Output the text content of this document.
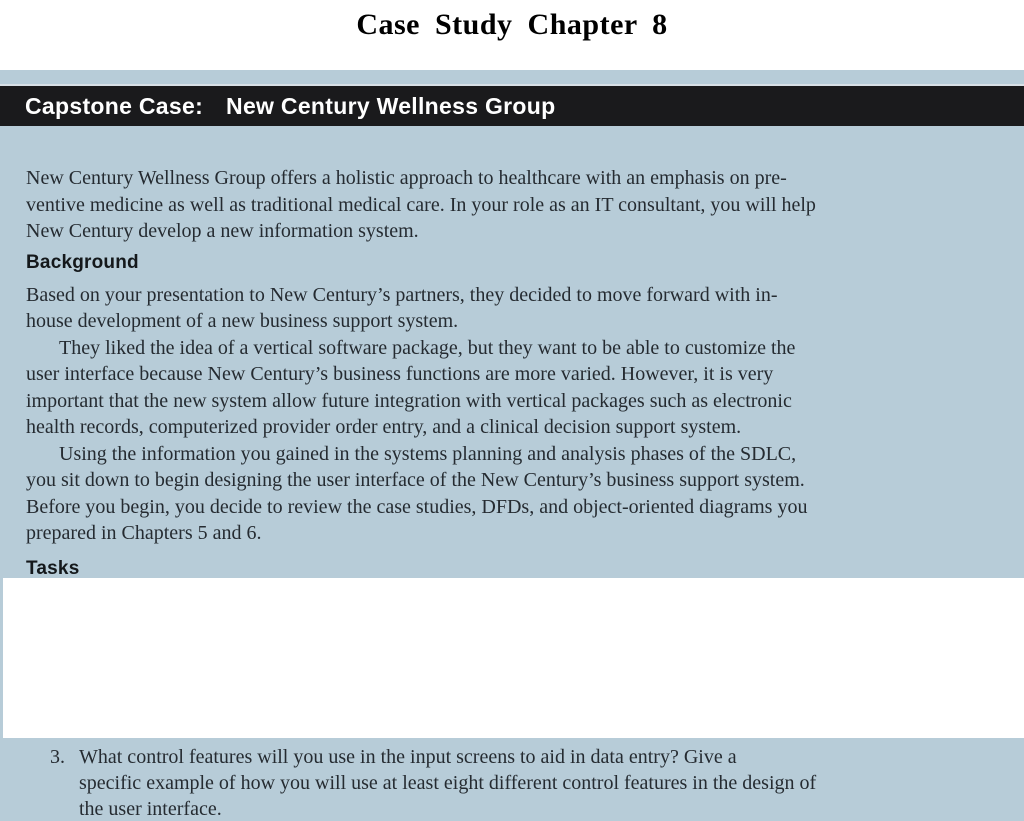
Case Study Chapter 8
Capstone Case: New Century Wellness Group
New Century Wellness Group offers a holistic approach to healthcare with an emphasis on pre-
ventive medicine as well as traditional medical care. In your role as an IT consultant, you will help
New Century develop a new information system.
Background
Based on your presentation to New Century’s partners, they decided to move forward with in-
house development of a new business support system.
They liked the idea of a vertical software package, but they want to be able to customize the
user interface because New Century’s business functions are more varied. However, it is very
important that the new system allow future integration with vertical packages such as electronic
health records, computerized provider order entry, and a clinical decision support system.
Using the information you gained in the systems planning and analysis phases of the SDLC,
you sit down to begin designing the user interface of the New Century’s business support system.
Before you begin, you decide to review the case studies, DFDs, and object-oriented diagrams you
prepared in Chapters 5 and 6.
Tasks
3. What control features will you use in the input screens to aid in data entry? Give a
specific example of how you will use at least eight different control features in the design of
the user interface.
